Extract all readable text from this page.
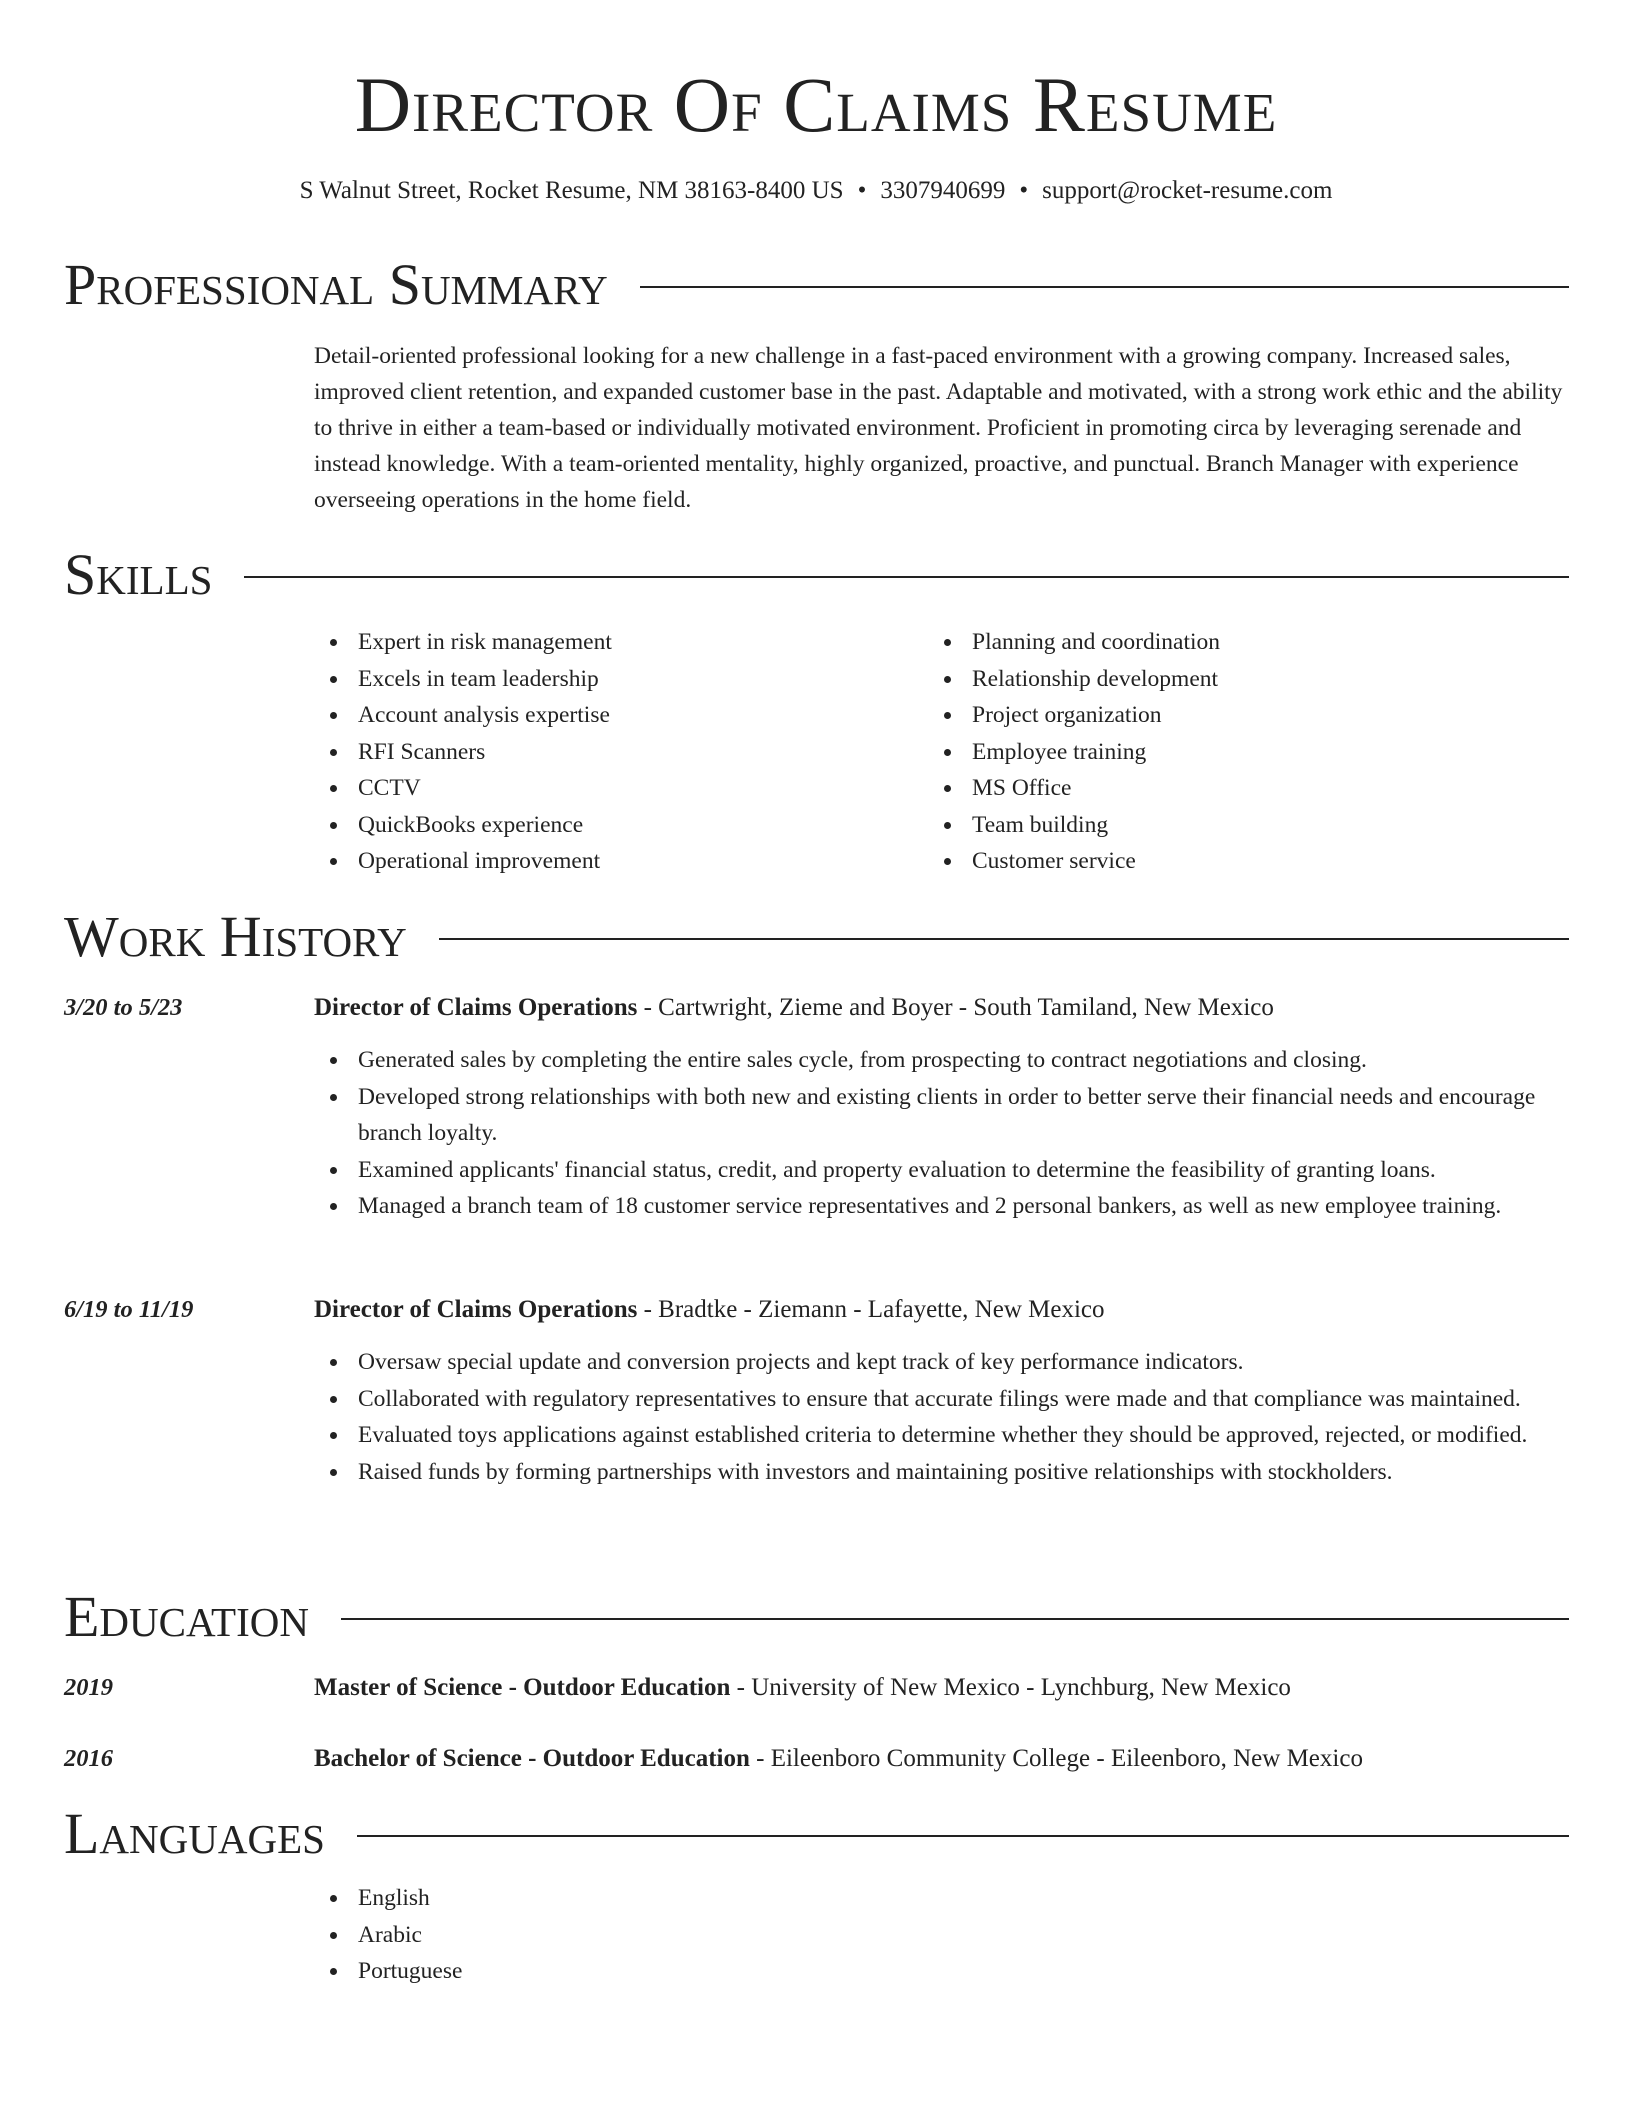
Director Of Claims Resume
S Walnut Street, Rocket Resume, NM 38163-8400 US • 3307940699 • support@rocket-resume.com
Professional Summary

Detail-oriented professional looking for a new challenge in a fast-paced environment with a growing company. Increased sales, improved client retention, and expanded customer base in the past. Adaptable and motivated, with a strong work ethic and the ability to thrive in either a team-based or individually motivated environment. Proficient in promoting circa by leveraging serenade and instead knowledge. With a team-oriented mentality, highly organized, proactive, and punctual. Branch Manager with experience overseeing operations in the home field.

Skills
Expert in risk management
Excels in team leadership
Account analysis expertise
RFI Scanners
CCTV
QuickBooks experience
Operational improvement
Planning and coordination
Relationship development
Project organization
Employee training
MS Office
Team building
Customer service
Work History
3/20 to 5/23	Director of Claims Operations - Cartwright, Zieme and Boyer - South Tamiland, New Mexico
Generated sales by completing the entire sales cycle, from prospecting to contract negotiations and closing.
Developed strong relationships with both new and existing clients in order to better serve their financial needs and encourage branch loyalty.
Examined applicants' financial status, credit, and property evaluation to determine the feasibility of granting loans.
Managed a branch team of 18 customer service representatives and 2 personal bankers, as well as new employee training.
6/19 to 11/19	Director of Claims Operations - Bradtke - Ziemann - Lafayette, New Mexico
Oversaw special update and conversion projects and kept track of key performance indicators.
Collaborated with regulatory representatives to ensure that accurate filings were made and that compliance was maintained.
Evaluated toys applications against established criteria to determine whether they should be approved, rejected, or modified.
Raised funds by forming partnerships with investors and maintaining positive relationships with stockholders.
Education
2019	Master of Science - Outdoor Education - University of New Mexico - Lynchburg, New Mexico
2016	Bachelor of Science - Outdoor Education - Eileenboro Community College - Eileenboro, New Mexico
Languages
English
Arabic
Portuguese
